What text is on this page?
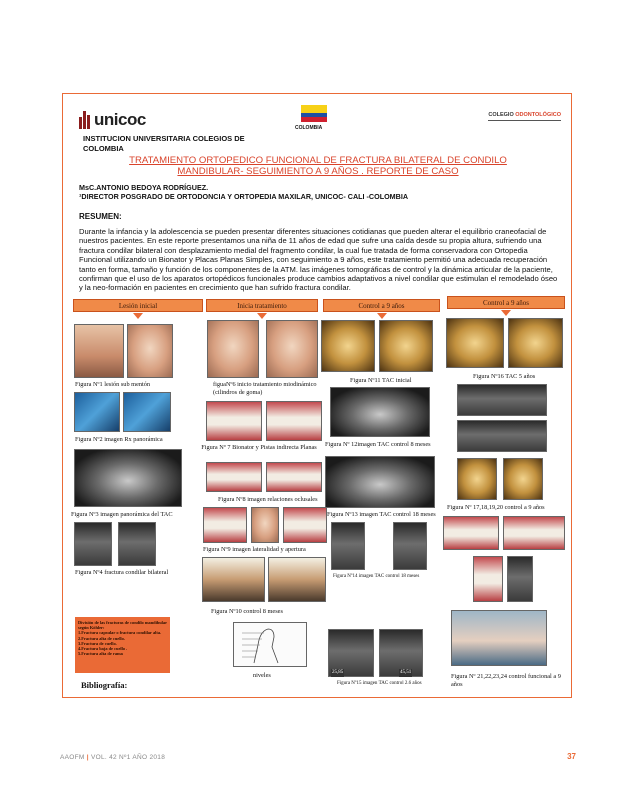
unicoc
INSTITUCION UNIVERSITARIA COLEGIOS DE COLOMBIA
COLOMBIA
COLEGIO ODONTOLÓGICO
TRATAMIENTO ORTOPEDICO FUNCIONAL DE FRACTURA BILATERAL DE CONDILO
MANDIBULAR- SEGUIMIENTO A 9 AÑOS . REPORTE DE CASO
MsC.ANTONIO BEDOYA RODRÍGUEZ.
¹DIRECTOR POSGRADO DE ORTODONCIA Y ORTOPEDIA MAXILAR, UNICOC- CALI -COLOMBIA
RESUMEN:
Durante la infancia y la adolescencia se pueden presentar diferentes situaciones cotidianas que pueden alterar el equilibrio craneofacial de nuestros pacientes. En este reporte presentamos una niña de 11 años de edad que sufre una caída desde su propia altura, sufriendo una fractura condilar bilateral con desplazamiento medial del fragmento condilar, la cual fue tratada de forma conservadora con Ortopedia Funcional utilizando un Bionator y Placas Planas Simples, con seguimiento a 9 años, este tratamiento permitió una adecuada recuperación tanto en forma, tamaño y función de los componentes de la ATM. las imágenes tomográficas de control y la dinámica articular de la paciente, confirman que el uso de los aparatos ortopédicos funcionales produce cambios adaptativos a nivel condilar que estimulan el remodelado óseo y la neo-formación en pacientes en crecimiento que han sufrido fractura condilar.
Lesión inicial	Inicia tratamiento	Control a 9 años	Control a 9 años
Figura Nº1 lesión sub mentón
Figura Nº2 imagen Rx panorámica
Figura Nº3 imagen panorámica del TAC
Figura Nº4 fractura condilar bilateral
figuaNº6 inicio tratamiento miodinámico (cilindros de goma)
Figura Nº 7 Bionator y Pistas indirecta Planas
Figura Nº8 imagen relaciones oclusales
Figura Nº9 imagen lateralidad y apertura
Figura Nº10 control 8 meses
niveles
Figura Nº11 TAC inicial
Figura Nº 12imagen TAC control 8 meses
Figura Nº13 imagen TAC control 18 meses
Figura Nº14 imagen TAC control 18 meses
25,85	45,51
Figura Nº15 imagen TAC control 2.6 años
Figura Nº16 TAC 5 años
Figura Nº 17,18,19,20 control a 9 años
Figura Nº 21,22,23,24 control funcional a 9 años
División de las fracturas de condilo mandibular según Köhler:
1.Fractura capsular o fractura condilar alta.
2.Fractura alta de cuello.
3.Fractura de cuello.
4.Fractura baja de cuello .
5.Fractura alta de rama
Bibliografía:
AAOFM | VOL. 42 Nº1 AÑO 2018	37
